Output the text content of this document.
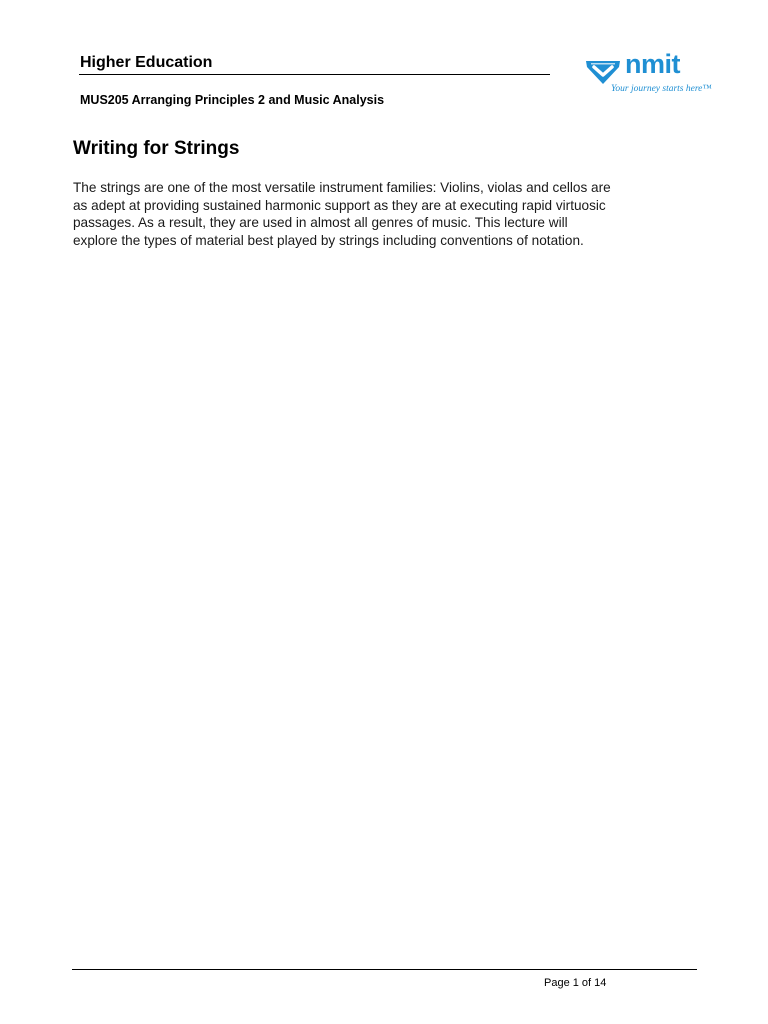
Higher Education
MUS205 Arranging Principles 2 and Music Analysis
nmit
Your journey starts here™
Writing for Strings

The strings are one of the most versatile instrument families: Violins, violas and cellos are
as adept at providing sustained harmonic support as they are at executing rapid virtuosic
passages. As a result, they are used in almost all genres of music. This lecture will
explore the types of material best played by strings including conventions of notation.

Page 1 of 14
